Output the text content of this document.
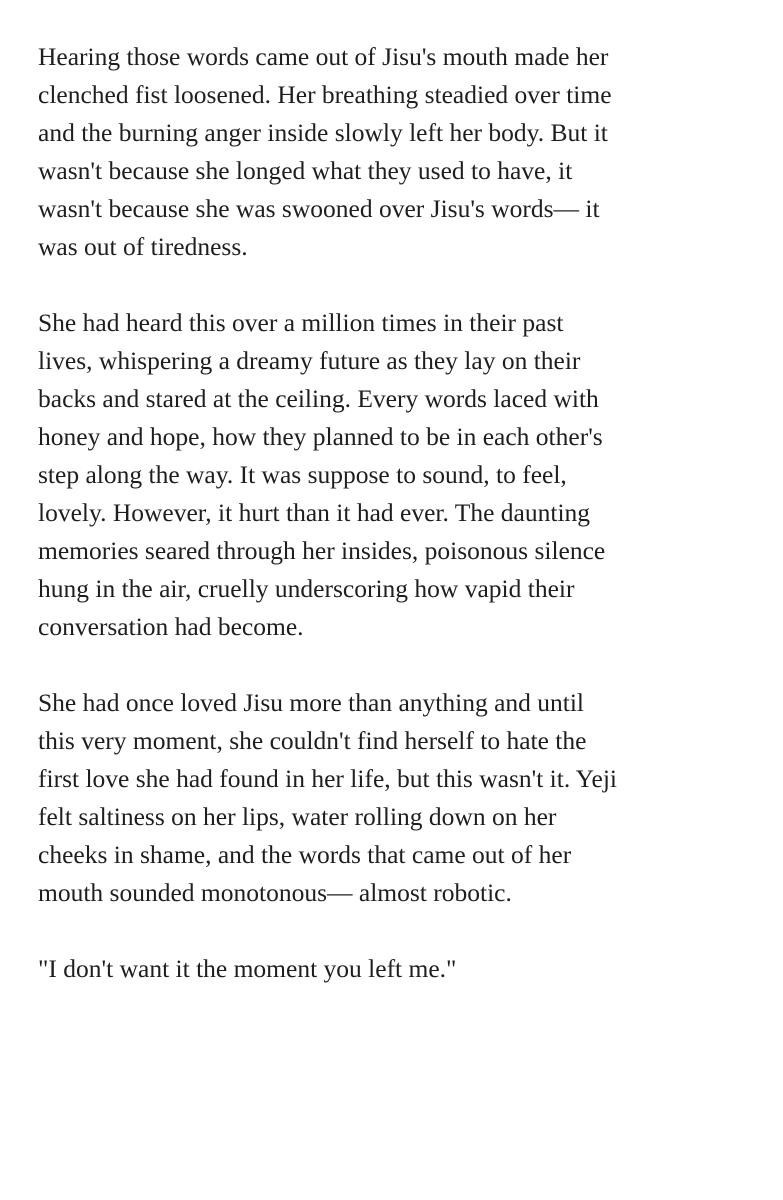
Hearing those words came out of Jisu's mouth made her
clenched fist loosened. Her breathing steadied over time
and the burning anger inside slowly left her body. But it
wasn't because she longed what they used to have, it
wasn't because she was swooned over Jisu's words— it
was out of tiredness.

She had heard this over a million times in their past
lives, whispering a dreamy future as they lay on their
backs and stared at the ceiling. Every words laced with
honey and hope, how they planned to be in each other's
step along the way. It was suppose to sound, to feel,
lovely. However, it hurt than it had ever. The daunting
memories seared through her insides, poisonous silence
hung in the air, cruelly underscoring how vapid their
conversation had become.

She had once loved Jisu more than anything and until
this very moment, she couldn't find herself to hate the
first love she had found in her life, but this wasn't it. Yeji
felt saltiness on her lips, water rolling down on her
cheeks in shame, and the words that came out of her
mouth sounded monotonous— almost robotic.

"I don't want it the moment you left me."
